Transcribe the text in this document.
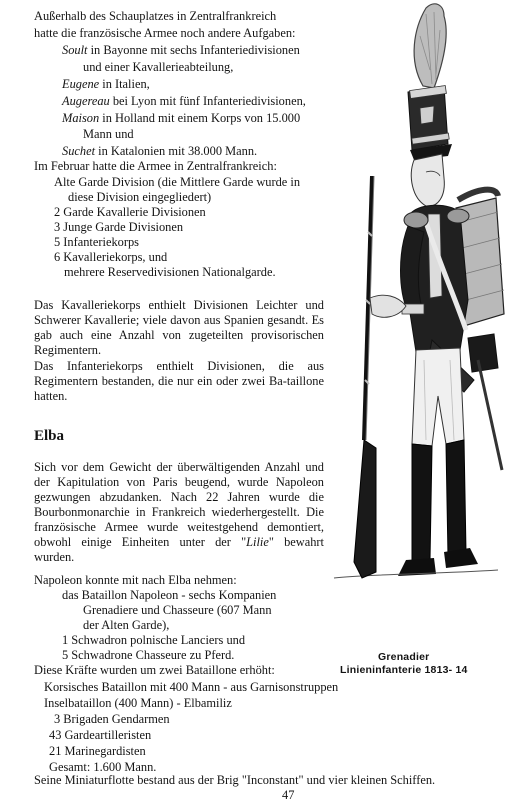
Außerhalb des Schauplatzes in Zentralfrankreich
hatte die französische Armee noch andere Aufgaben:
Soult in Bayonne mit sechs Infanteriedivisionen
und einer Kavallerieabteilung,
Eugene in Italien,
Augereau bei Lyon mit fünf Infanteriedivisionen,
Maison in Holland mit einem Korps von 15.000
Mann und
Suchet in Katalonien mit 38.000 Mann.
Im Februar hatte die Armee in Zentralfrankreich:
Alte Garde Division (die Mittlere Garde wurde in
diese Division eingegliedert)
2 Garde Kavallerie Divisionen
3 Junge Garde Divisionen
5 Infanteriekorps
6 Kavalleriekorps, und
mehrere Reservedivisionen Nationalgarde.
Das Kavalleriekorps enthielt Divisionen Leichter und Schwerer Kavallerie; viele davon aus Spanien gesandt. Es gab auch eine Anzahl von zugeteilten provisorischen Regimentern.
Das Infanteriekorps enthielt Divisionen, die aus Regimentern bestanden, die nur ein oder zwei Ba-taillone hatten.
Elba
Sich vor dem Gewicht der überwältigenden Anzahl und der Kapitulation von Paris beugend, wurde Napoleon gezwungen abzudanken. Nach 22 Jahren wurde die Bourbonmonarchie in Frankreich wiederhergestellt. Die französische Armee wurde weitestgehend demontiert, obwohl einige Einheiten unter der "Lilie" bewahrt wurden.
Napoleon konnte mit nach Elba nehmen:
das Bataillon Napoleon - sechs Kompanien
Grenadiere und Chasseure (607 Mann
der Alten Garde),
1 Schwadron polnische Lanciers und
5 Schwadrone Chasseure zu Pferd.
Diese Kräfte wurden um zwei Bataillone erhöht:
Korsisches Bataillon mit 400 Mann - aus Garnisonstruppen
Inselbataillon (400 Mann) - Elbamiliz
3 Brigaden Gendarmen
43 Gardeartilleristen
21 Marinegardisten
Gesamt: 1.600 Mann.
Seine Miniaturflotte bestand aus der Brig "Inconstant" und vier kleinen Schiffen.
Grenadier
Linieninfanterie 1813- 14
47
